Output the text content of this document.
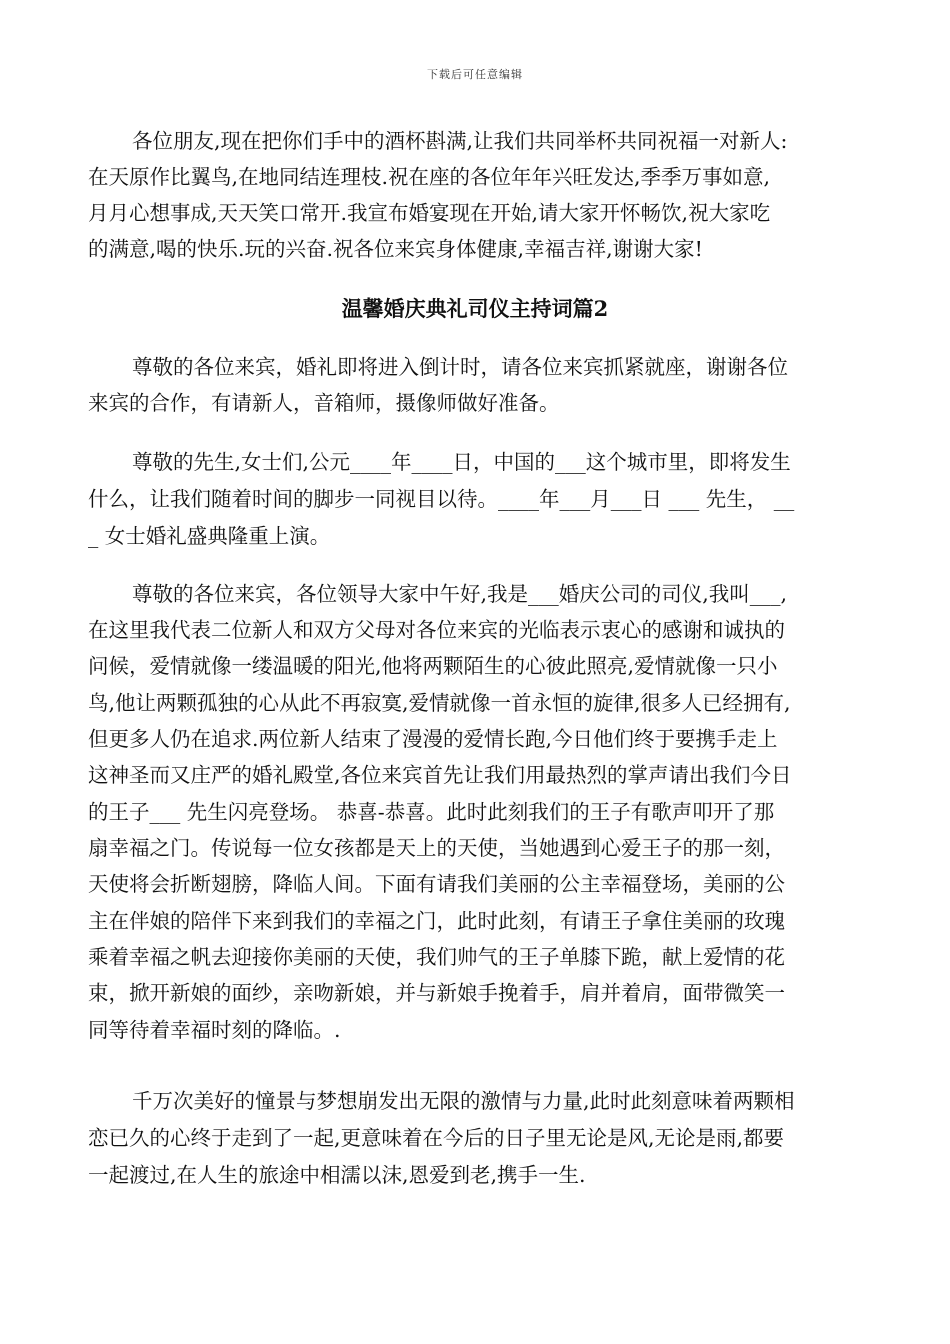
下载后可任意编辑
各位朋友,现在把你们手中的酒杯斟满,让我们共同举杯共同祝福一对新人:
在天原作比翼鸟,在地同结连理枝.祝在座的各位年年兴旺发达,季季万事如意,
月月心想事成,天天笑口常开.我宣布婚宴现在开始,请大家开怀畅饮,祝大家吃
的满意,喝的快乐.玩的兴奋.祝各位来宾身体健康,幸福吉祥,谢谢大家!
温馨婚庆典礼司仪主持词篇2
尊敬的各位来宾，婚礼即将进入倒计时，请各位来宾抓紧就座，谢谢各位
来宾的合作，有请新人，音箱师，摄像师做好准备。
尊敬的先生,女士们,公元____年____日，中国的___这个城市里，即将发生
什么，让我们随着时间的脚步一同视目以待。____年___月___日 ___ 先生， __
_ 女士婚礼盛典隆重上演。
尊敬的各位来宾，各位领导大家中午好,我是___婚庆公司的司仪,我叫___,
在这里我代表二位新人和双方父母对各位来宾的光临表示衷心的感谢和诚执的
问候，爱情就像一缕温暖的阳光,他将两颗陌生的心彼此照亮,爱情就像一只小
鸟,他让两颗孤独的心从此不再寂寞,爱情就像一首永恒的旋律,很多人已经拥有,
但更多人仍在追求.两位新人结束了漫漫的爱情长跑,今日他们终于要携手走上
这神圣而又庄严的婚礼殿堂,各位来宾首先让我们用最热烈的掌声请出我们今日
的王子___ 先生闪亮登场。 恭喜-恭喜。此时此刻我们的王子有歌声叩开了那
扇幸福之门。传说每一位女孩都是天上的天使，当她遇到心爱王子的那一刻，
天使将会折断翅膀，降临人间。下面有请我们美丽的公主幸福登场，美丽的公
主在伴娘的陪伴下来到我们的幸福之门，此时此刻，有请王子拿住美丽的玫瑰
乘着幸福之帆去迎接你美丽的天使，我们帅气的王子单膝下跪，献上爱情的花
束，掀开新娘的面纱，亲吻新娘，并与新娘手挽着手，肩并着肩，面带微笑一
同等待着幸福时刻的降临。.
千万次美好的憧景与梦想崩发出无限的激情与力量,此时此刻意味着两颗相
恋已久的心终于走到了一起,更意味着在今后的日子里无论是风,无论是雨,都要
一起渡过,在人生的旅途中相濡以沫,恩爱到老,携手一生.
